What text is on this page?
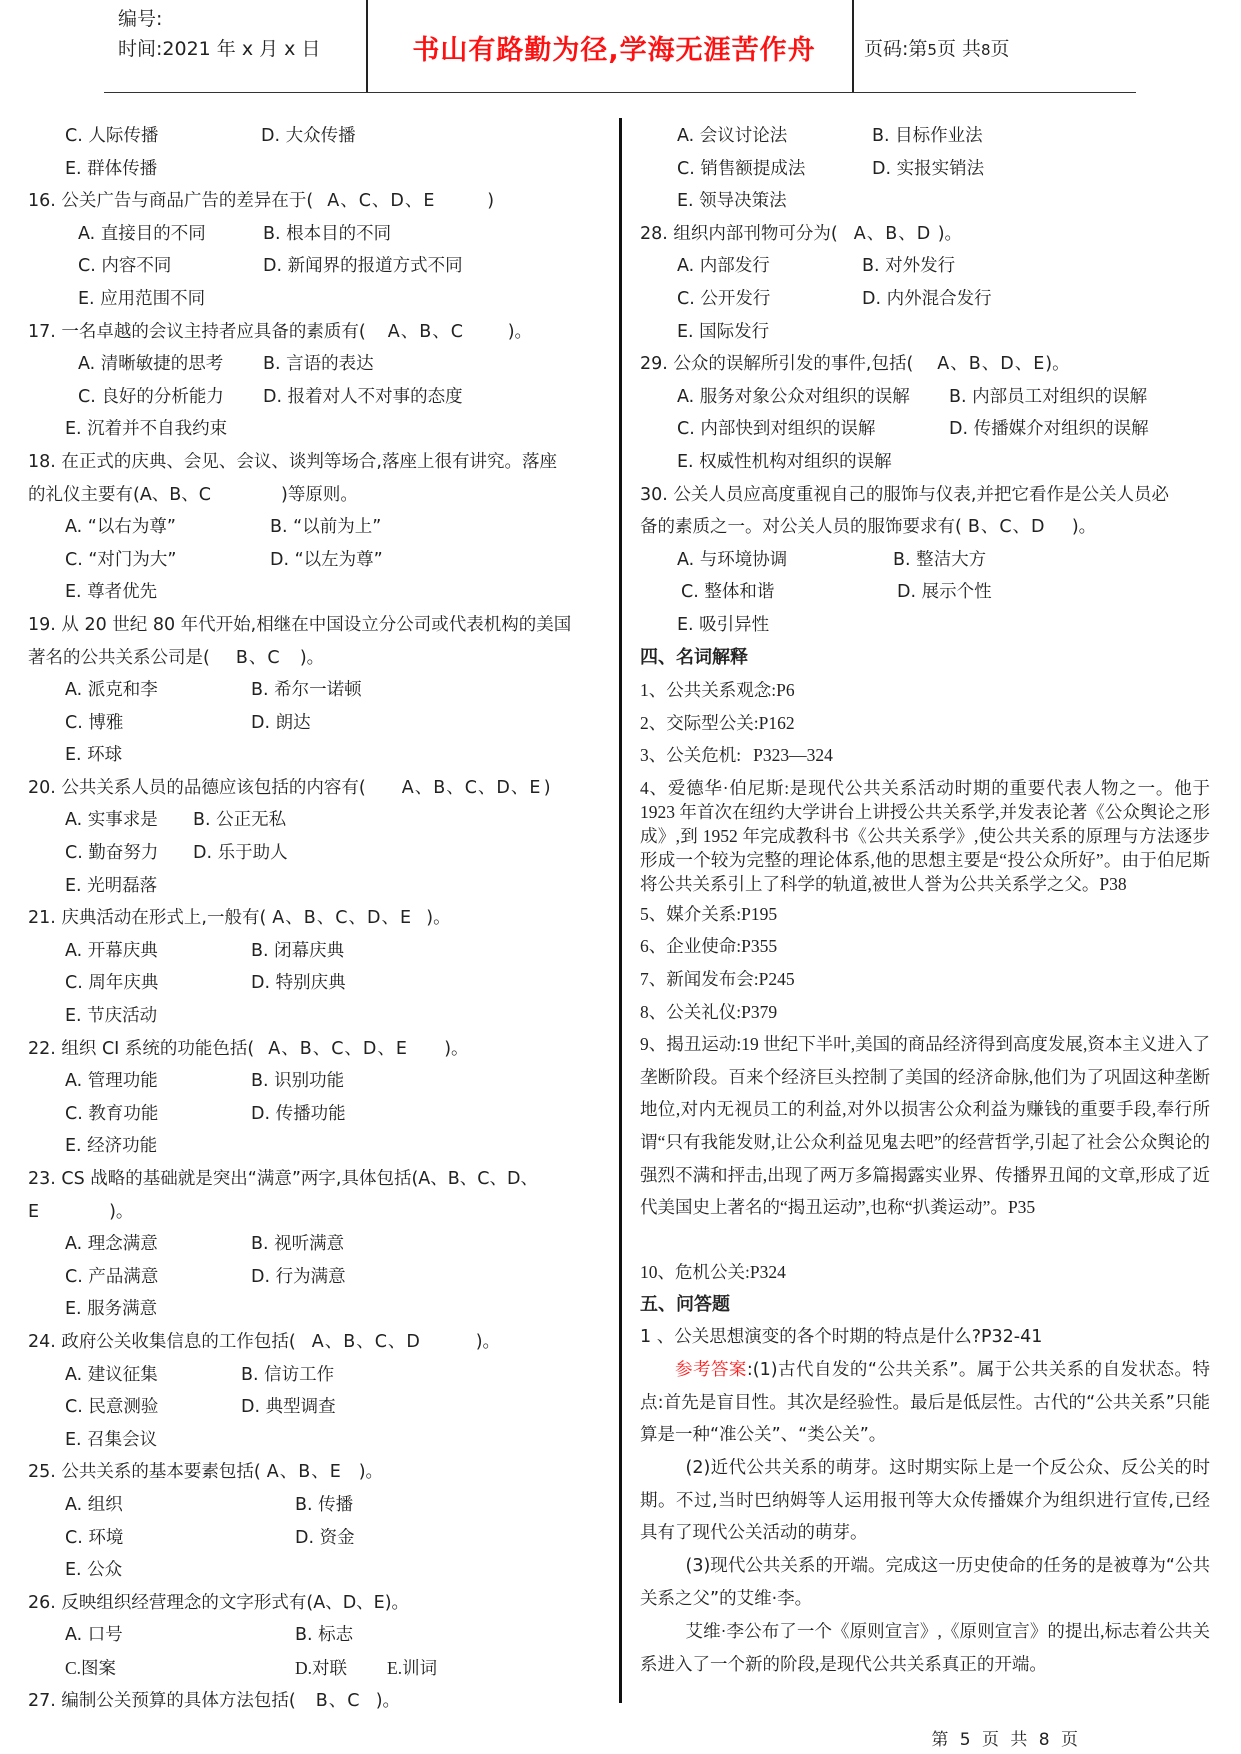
编号:
时间:2021 年 x 月 x 日	书山有路勤为径,学海无涯苦作舟	页码:第5页 共8页
C. 人际传播	D. 大众传播
E. 群体传播
16. 公关广告与商品广告的差异在于( A、C、D、E	)
A. 直接目的不同	B. 根本目的不同
C. 内容不同	D. 新闻界的报道方式不同
E. 应用范围不同
17. 一名卓越的会议主持者应具备的素质有( A、B、C	)。
A. 清晰敏捷的思考	B. 言语的表达
C. 良好的分析能力	D. 报着对人不对事的态度
E. 沉着并不自我约束
18. 在正式的庆典、会见、会议、谈判等场合,落座上很有讲究。落座
的礼仪主要有(A、B、C	)等原则。
A. “以右为尊”	B. “以前为上”
C. “对门为大”	D. “以左为尊”
E. 尊者优先
19. 从 20 世纪 80 年代开始,相继在中国设立分公司或代表机构的美国
著名的公共关系公司是( B、C )。
A. 派克和李	B. 希尔一诺顿
C. 博雅	D. 朗达
E. 环球
20. 公共关系人员的品德应该包括的内容有( A、B、C、D、E )
A. 实事求是	B. 公正无私
C. 勤奋努力	D. 乐于助人
E. 光明磊落
21. 庆典活动在形式上,一般有( A、B、C、D、E )。
A. 开幕庆典	B. 闭幕庆典
C. 周年庆典	D. 特别庆典
E. 节庆活动
22. 组织 CI 系统的功能色括( A、B、C、D、E )。
A. 管理功能	B. 识别功能
C. 教育功能	D. 传播功能
E. 经济功能
23. CS 战略的基础就是突出“满意”两字,具体包括(A、B、C、D、
E	)。
A. 理念满意	B. 视听满意
C. 产品满意	D. 行为满意
E. 服务满意
24. 政府公关收集信息的工作包括( A、B、C、D	)。
A. 建议征集	B. 信访工作
C. 民意测验	D. 典型调查
E. 召集会议
25. 公共关系的基本要素包括( A、B、E )。
A. 组织	B. 传播
C. 环境	D. 资金
E. 公众
26. 反映组织经营理念的文字形式有(A、D、E)。
A. 口号	B. 标志
C.图案	D.对联	E.训词
27. 编制公关预算的具体方法包括( B、C )。
A. 会议讨论法	B. 目标作业法
C. 销售额提成法	D. 实报实销法
E. 领导决策法
28. 组织内部刊物可分为( A、B、D )。
A. 内部发行	B. 对外发行
C. 公开发行	D. 内外混合发行
E. 国际发行
29. 公众的误解所引发的事件,包括( A、B、D、E)。
A. 服务对象公众对组织的误解	B. 内部员工对组织的误解
C. 内部快到对组织的误解	D. 传播媒介对组织的误解
E. 权威性机构对组织的误解
30. 公关人员应高度重视自己的服饰与仪表,并把它看作是公关人员必
备的素质之一。对公关人员的服饰要求有( B、C、D )。
A. 与环境协调	B. 整洁大方
C. 整体和谐	D. 展示个性
E. 吸引异性
四、名词解释
1、公共关系观念:P6
2、交际型公关:P162
3、公关危机: P323—324
4、爱德华·伯尼斯:是现代公共关系活动时期的重要代表人物之一。他于 1923 年首次在纽约大学讲台上讲授公共关系学,并发表论著《公众舆论之形成》,到 1952 年完成教科书《公共关系学》,使公共关系的原理与方法逐步形成一个较为完整的理论体系,他的思想主要是“投公众所好”。由于伯尼斯将公共关系引上了科学的轨道,被世人誉为公共关系学之父。P38
5、媒介关系:P195
6、企业使命:P355
7、新闻发布会:P245
8、公关礼仪:P379
9、揭丑运动:19 世纪下半叶,美国的商品经济得到高度发展,资本主义进入了垄断阶段。百来个经济巨头控制了美国的经济命脉,他们为了巩固这种垄断地位,对内无视员工的利益,对外以损害公众利益为赚钱的重要手段,奉行所谓“只有我能发财,让公众利益见鬼去吧”的经营哲学,引起了社会公众舆论的强烈不满和抨击,出现了两万多篇揭露实业界、传播界丑闻的文章,形成了近代美国史上著名的“揭丑运动”,也称“扒粪运动”。P35
10、危机公关:P324
五、问答题
1 、公关思想演变的各个时期的特点是什么?P32-41
参考答案:(1)古代自发的“公共关系”。属于公共关系的自发状态。特点:首先是盲目性。其次是经验性。最后是低层性。古代的“公共关系”只能算是一种“准公关”、“类公关”。
(2)近代公共关系的萌芽。这时期实际上是一个反公众、反公关的时期。不过,当时巴纳姆等人运用报刊等大众传播媒介为组织进行宣传,已经具有了现代公关活动的萌芽。
(3)现代公共关系的开端。完成这一历史使命的任务的是被尊为“公共关系之父”的艾维·李。
艾维·李公布了一个《原则宣言》,《原则宣言》的提出,标志着公共关系进入了一个新的阶段,是现代公共关系真正的开端。
第 5 页 共 8 页
